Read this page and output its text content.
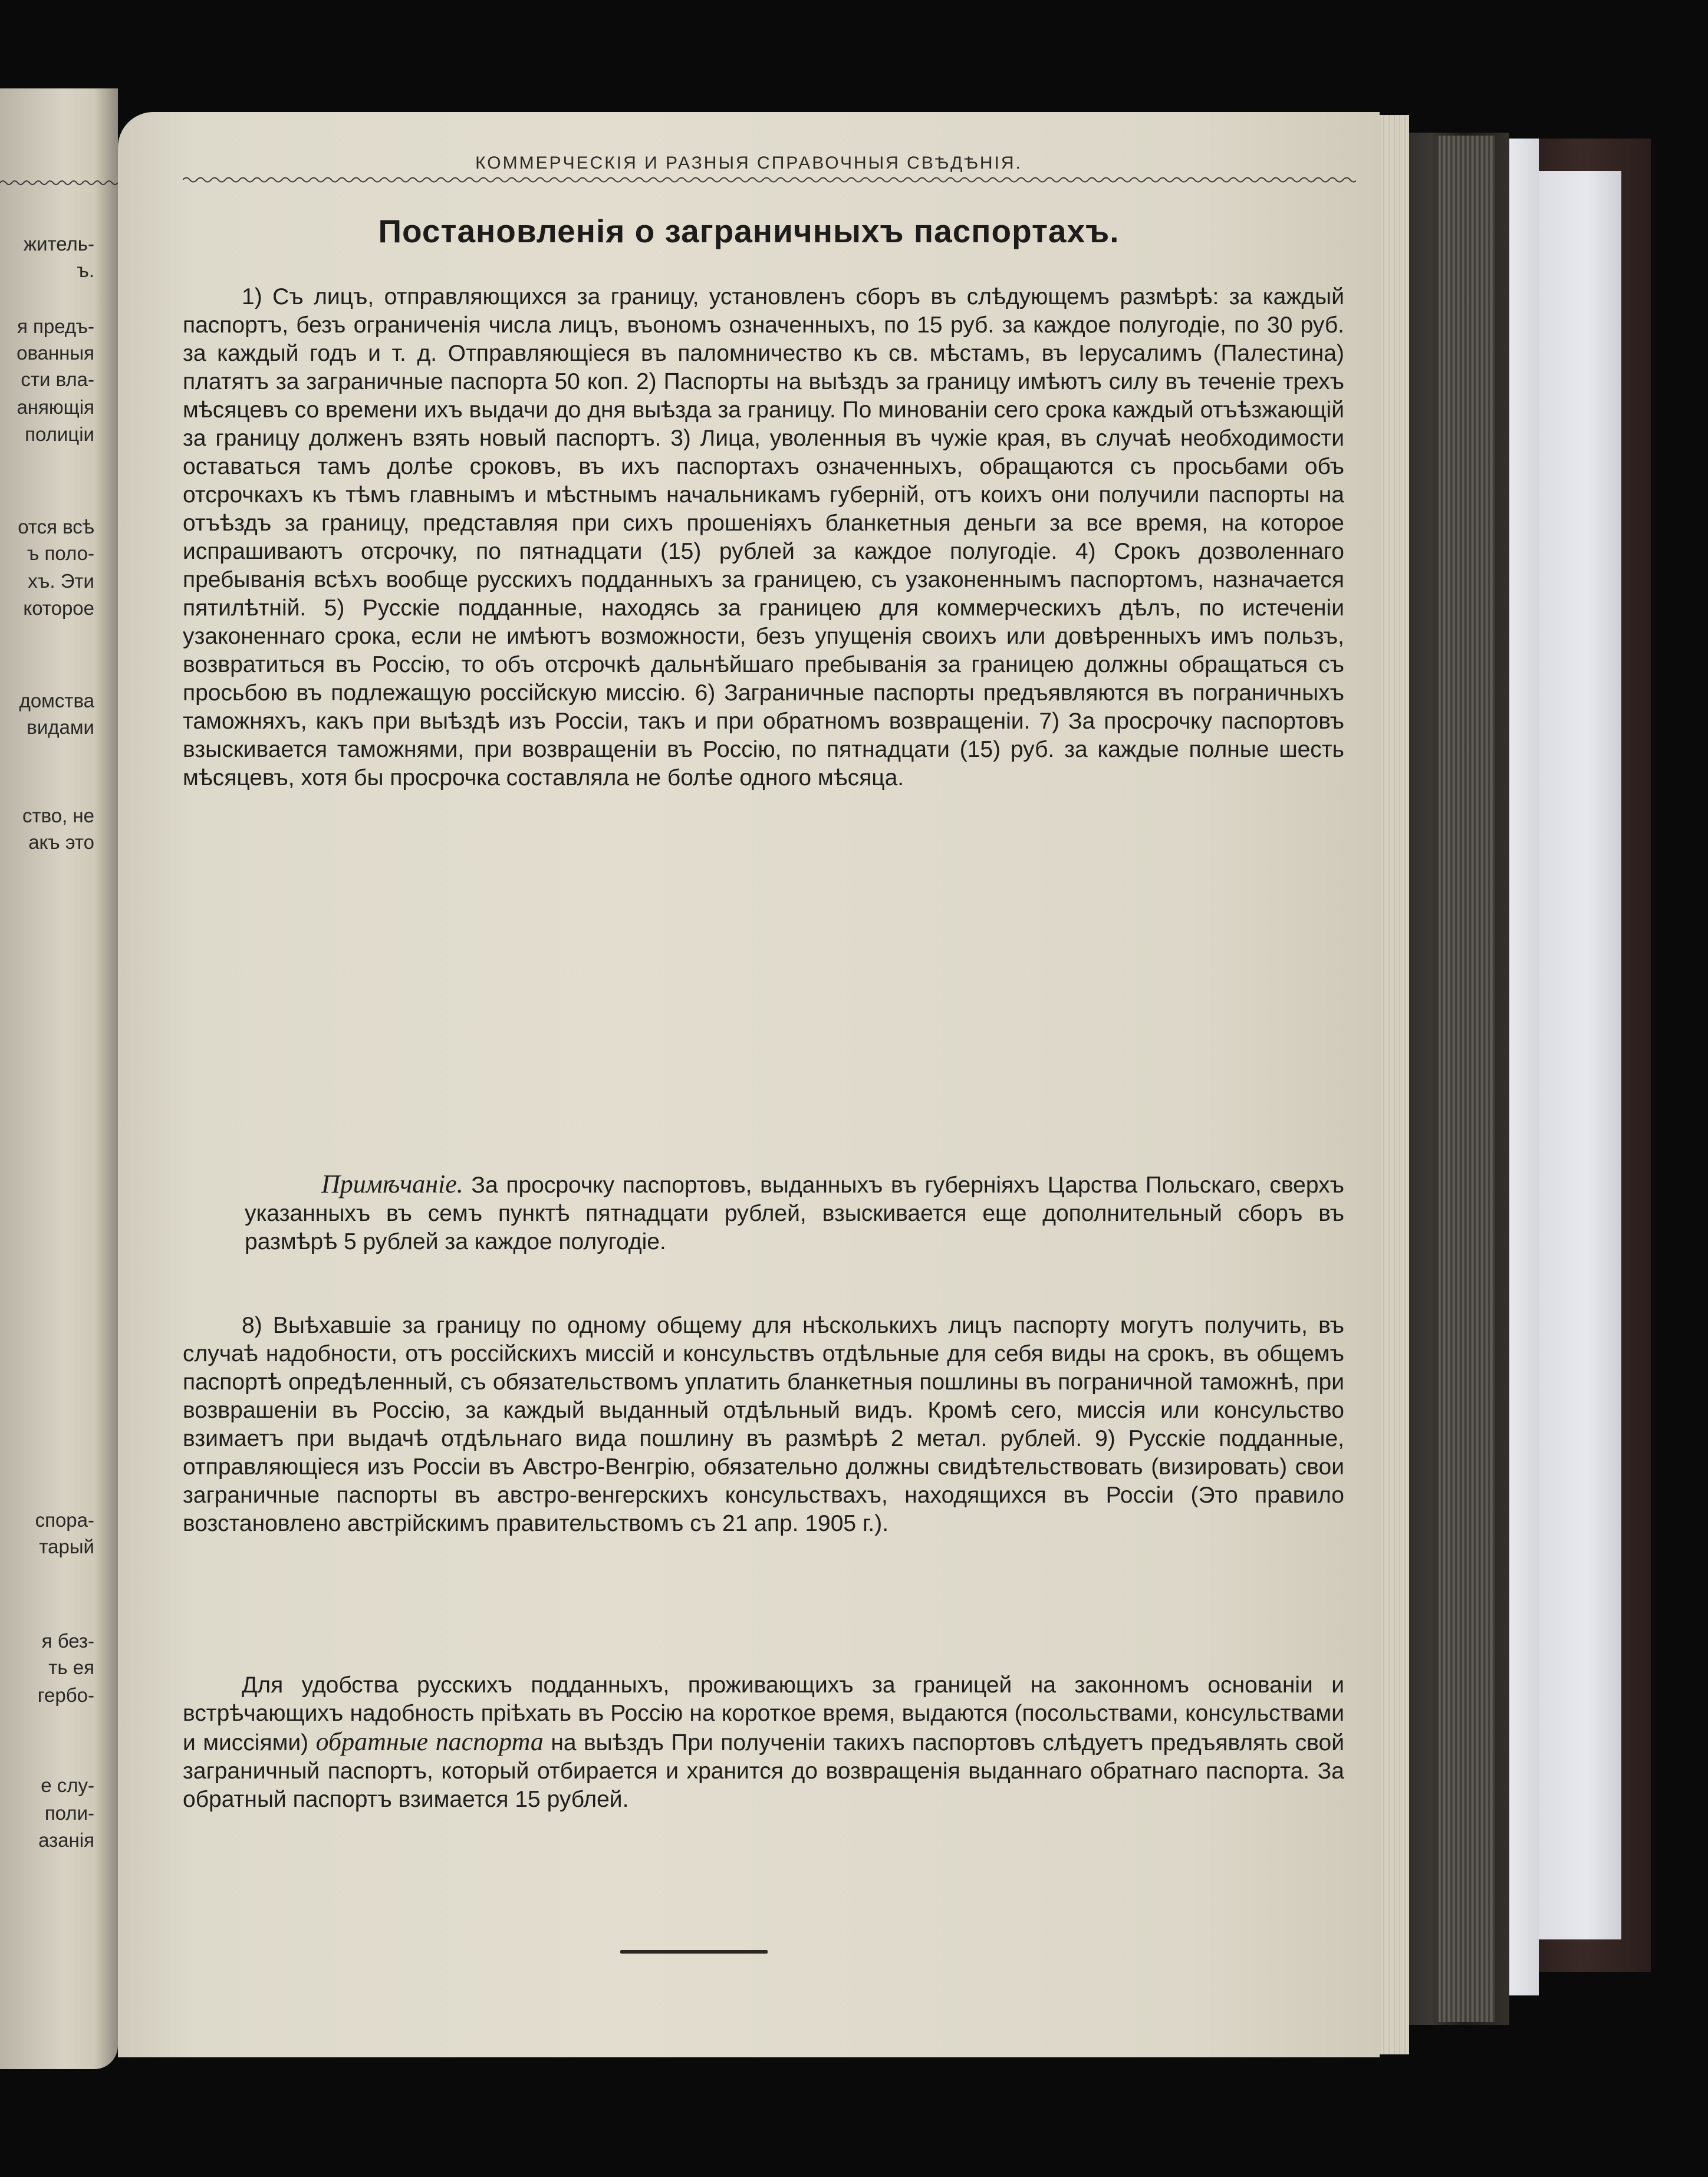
житель-
ъ.
я предъ-
ованныя
сти вла-
аняющія
полиціи
отся всѣ
ъ поло-
хъ. Эти
которое
домства
видами
ство, не
акъ это
спора-
тарый
я без-
ть ея
гербо-
е слу-
поли-
азанія
КОММЕРЧЕСКІЯ И РАЗНЫЯ СПРАВОЧНЫЯ СВѢДѢНІЯ.
Постановленія о заграничныхъ паспортахъ.

1) Съ лицъ, отправляющихся за границу, установленъ сборъ въ слѣдующемъ размѣрѣ: за каждый паспортъ, безъ ограниченія числа лицъ, въономъ означенныхъ, по 15 руб. за каждое полугодіе, по 30 руб. за каждый годъ и т. д. Отправляющіеся въ паломничество къ св. мѣстамъ, въ Іерусалимъ (Палестина) платятъ за заграничные паспорта 50 коп. 2) Паспорты на выѣздъ за границу имѣютъ силу въ теченіе трехъ мѣсяцевъ со времени ихъ выдачи до дня выѣзда за границу. По минованіи сего срока каждый отъѣзжающій за границу долженъ взять новый паспортъ. 3) Лица, уволенныя въ чужіе края, въ случаѣ необходимости оставаться тамъ долѣе сроковъ, въ ихъ паспортахъ означенныхъ, обращаются съ просьбами объ отсрочкахъ къ тѣмъ главнымъ и мѣстнымъ начальникамъ губерній, отъ коихъ они получили паспорты на отъѣздъ за границу, представляя при сихъ прошеніяхъ бланкетныя деньги за все время, на которое испрашиваютъ отсрочку, по пятнадцати (15) рублей за каждое полугодіе. 4) Срокъ дозволеннаго пребыванія всѣхъ вообще русскихъ подданныхъ за границею, съ узаконеннымъ паспортомъ, назначается пятилѣтній. 5) Русскіе подданные, находясь за границею для коммерческихъ дѣлъ, по истеченіи узаконеннаго срока, если не имѣютъ возможности, безъ упущенія своихъ или довѣренныхъ имъ пользъ, возвратиться въ Россію, то объ отсрочкѣ дальнѣйшаго пребыванія за границею должны обращаться съ просьбою въ подлежащую россійскую миссію. 6) Заграничные паспорты предъявляются въ пограничныхъ таможняхъ, какъ при выѣздѣ изъ Россіи, такъ и при обратномъ возвращеніи. 7) За просрочку паспортовъ взыскивается таможнями, при возвращеніи въ Россію, по пятнадцати (15) руб. за каждые полные шесть мѣсяцевъ, хотя бы просрочка составляла не болѣе одного мѣсяца.

Примѣчаніе. За просрочку паспортовъ, выданныхъ въ губерніяхъ Царства Польскаго, сверхъ указанныхъ въ семъ пунктѣ пятнадцати рублей, взыскивается еще дополнительный сборъ въ размѣрѣ 5 рублей за каждое полугодіе.

8) Выѣхавшіе за границу по одному общему для нѣсколькихъ лицъ паспорту могутъ получить, въ случаѣ надобности, отъ россійскихъ миссій и консульствъ отдѣльные для себя виды на срокъ, въ общемъ паспортѣ опредѣленный, съ обязательствомъ уплатить бланкетныя пошлины въ пограничной таможнѣ, при возврашеніи въ Россію, за каждый выданный отдѣльный видъ. Кромѣ сего, миссія или консульство взимаетъ при выдачѣ отдѣльнаго вида пошлину въ размѣрѣ 2 метал. рублей. 9) Русскіе подданные, отправляющіеся изъ Россіи въ Австро-Венгрію, обязательно должны свидѣтельствовать (визировать) свои заграничные паспорты въ австро-венгерскихъ консульствахъ, находящихся въ Россіи (Это правило возстановлено австрійскимъ правительствомъ съ 21 апр. 1905 г.).

Для удобства русскихъ подданныхъ, проживающихъ за границей на законномъ основаніи и встрѣчающихъ надобность пріѣхать въ Россію на короткое время, выдаются (посольствами, консульствами и миссіями) обратные паспорта на выѣздъ При полученіи такихъ паспортовъ слѣдуетъ предъявлять свой заграничный паспортъ, который отбирается и хранится до возвращенія выданнаго обратнаго паспорта. За обратный паспортъ взимается 15 рублей.
